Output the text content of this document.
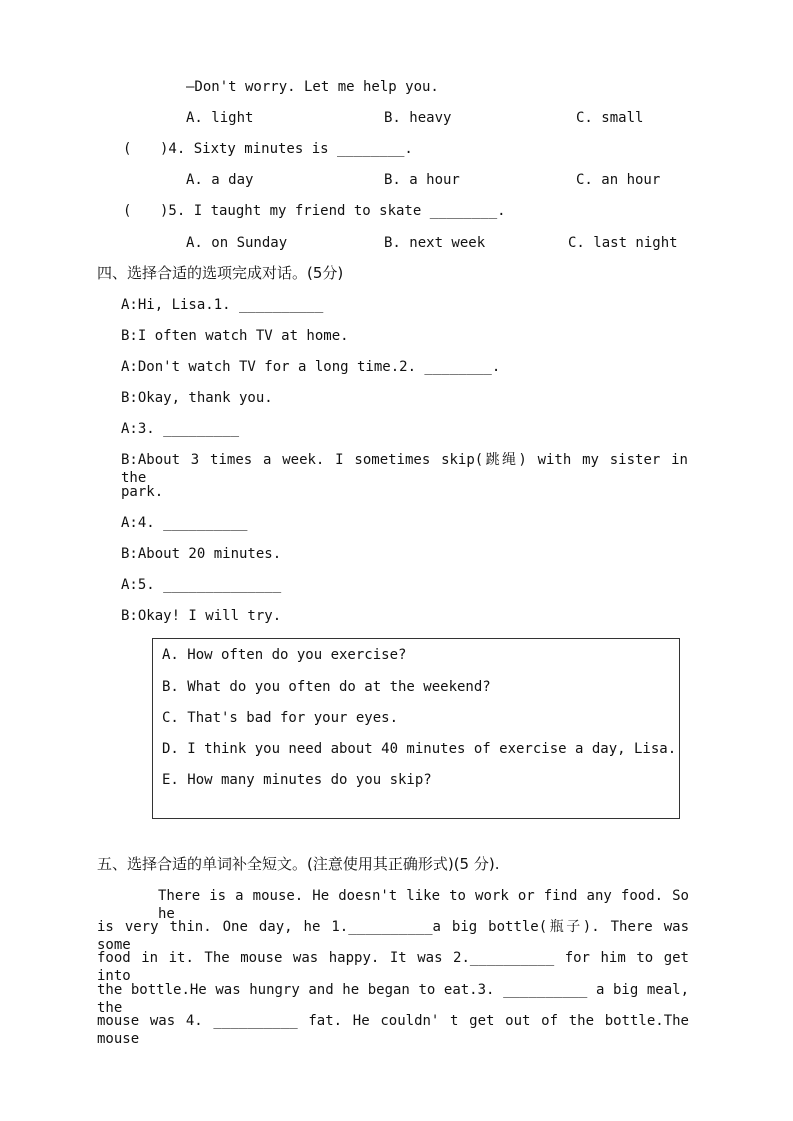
—Don't worry. Let me help you.
A. light	B. heavy	C. small
( )4. Sixty minutes is ________.
A. a day	B. a hour	C. an hour
( )5. I taught my friend to skate ________.
A. on Sunday	B. next week	C. last night
四、选择合适的选项完成对话。(5分)
A:Hi, Lisa.1. __________
B:I often watch TV at home.
A:Don't watch TV for a long time.2. ________.
B:Okay, thank you.
A:3. _________
B:About 3 times a week. I sometimes skip(跳绳) with my sister in the
park.
A:4. __________
B:About 20 minutes.
A:5. ______________
B:Okay! I will try.
A. How often do you exercise?
B. What do you often do at the weekend?
C. That's bad for your eyes.
D. I think you need about 40 minutes of exercise a day, Lisa.
E. How many minutes do you skip?
五、选择合适的单词补全短文。(注意使用其正确形式)(5 分).
There is a mouse. He doesn't like to work or find any food. So he
is very thin. One day, he 1.__________a big bottle(瓶子). There was some
food in it. The mouse was happy. It was 2.__________ for him to get into
the bottle.He was hungry and he began to eat.3. __________ a big meal, the
mouse was 4. __________ fat. He couldn' t get out of the bottle.The mouse
